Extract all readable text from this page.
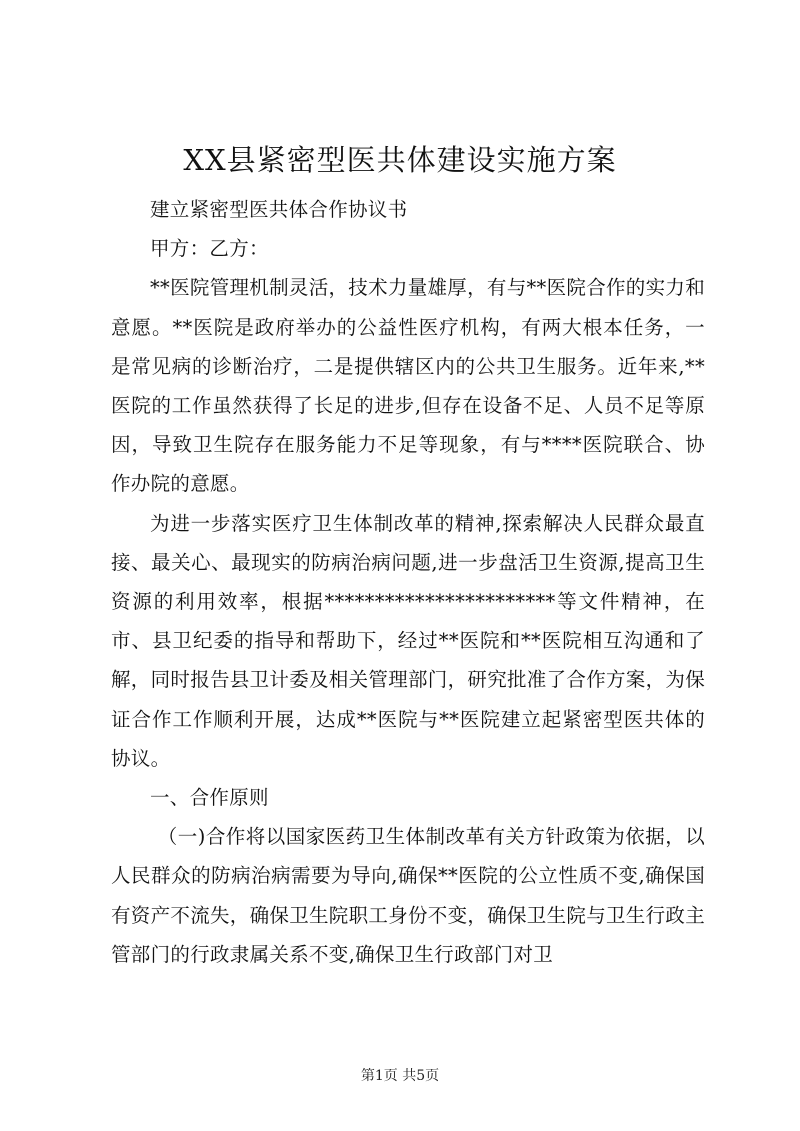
XX县紧密型医共体建设实施方案

建立紧密型医共体合作协议书

甲方：乙方：

**医院管理机制灵活，技术力量雄厚，有与**医院合作的实力和意愿。**医院是政府举办的公益性医疗机构，有两大根本任务，一是常见病的诊断治疗，二是提供辖区内的公共卫生服务。近年来,**医院的工作虽然获得了长足的进步,但存在设备不足、人员不足等原因，导致卫生院存在服务能力不足等现象，有与****医院联合、协作办院的意愿。

为进一步落实医疗卫生体制改革的精神,探索解决人民群众最直接、最关心、最现实的防病治病问题,进一步盘活卫生资源,提高卫生资源的利用效率，根据***********************等文件精神，在市、县卫纪委的指导和帮助下，经过**医院和**医院相互沟通和了解，同时报告县卫计委及相关管理部门，研究批准了合作方案，为保证合作工作顺利开展，达成**医院与**医院建立起紧密型医共体的协议。

一、合作原则

（一)合作将以国家医药卫生体制改革有关方针政策为依据，以人民群众的防病治病需要为导向,确保**医院的公立性质不变,确保国有资产不流失，确保卫生院职工身份不变，确保卫生院与卫生行政主管部门的行政隶属关系不变,确保卫生行政部门对卫

第1页 共5页
